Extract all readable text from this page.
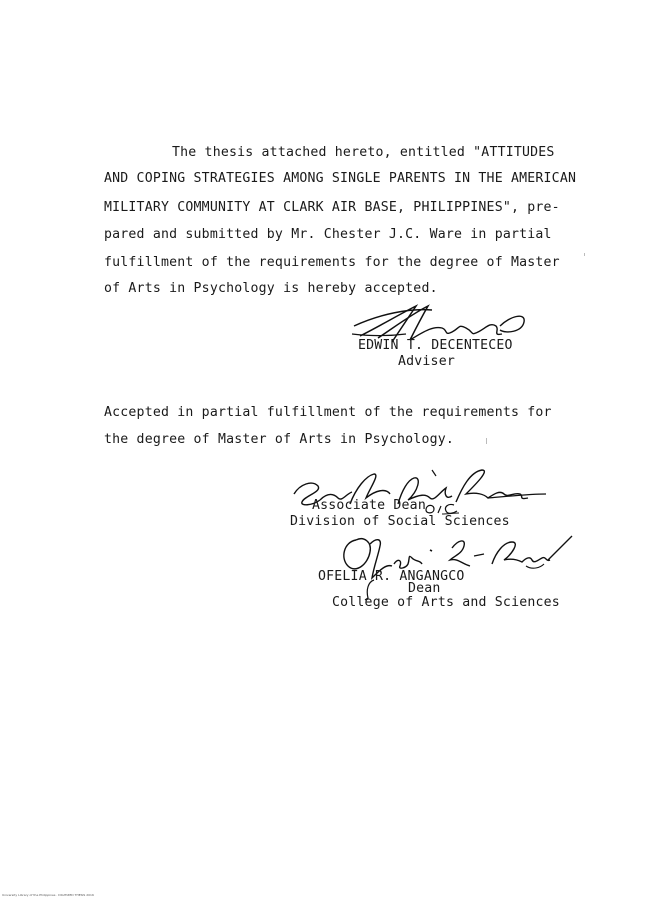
The thesis attached hereto, entitled "ATTITUDES
AND COPING STRATEGIES AMONG SINGLE PARENTS IN THE AMERICAN
MILITARY COMMUNITY AT CLARK AIR BASE, PHILIPPINES", pre-
pared and submitted by Mr. Chester J.C. Ware in partial
fulfillment of the requirements for the degree of Master
of Arts in Psychology is hereby accepted.
EDWIN T. DECENTECEO
Adviser
Accepted in partial fulfillment of the requirements for
the degree of Master of Arts in Psychology.
Associate Dean
Division of Social Sciences
OFELIA R. ANGANGCO
Dean
College of Arts and Sciences
University Library of the Philippines · DIGITIZED THESIS 2016
